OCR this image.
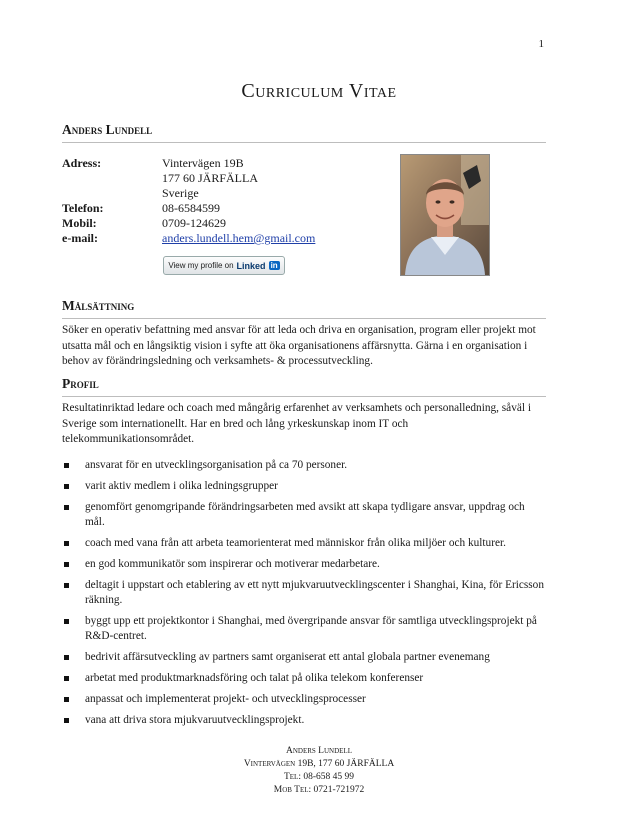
1
Curriculum Vitae
Anders Lundell
Adress:	Vintervägen 19B
177 60 JÄRFÄLLA
Sverige
Telefon:	08-6584599
Mobil:	0709-124629
e-mail:	anders.lundell.hem@gmail.com
View my profile on Linked in
Målsättning
Söker en operativ befattning med ansvar för att leda och driva en organisation, program eller projekt mot utsatta mål och en långsiktig vision i syfte att öka organisationens affärsnytta. Gärna i en organisation i behov av förändringsledning och verksamhets- & processutveckling.
Profil
Resultatinriktad ledare och coach med mångårig erfarenhet av verksamhets och personalledning, såväl i Sverige som internationellt. Har en bred och lång yrkeskunskap inom IT och telekommunikationsområdet.
ansvarat för en utvecklingsorganisation på ca 70 personer.
varit aktiv medlem i olika ledningsgrupper
genomfört genomgripande förändringsarbeten med avsikt att skapa tydligare ansvar, uppdrag och mål.
coach med vana från att arbeta teamorienterat med människor från olika miljöer och kulturer.
en god kommunikatör som inspirerar och motiverar medarbetare.
deltagit i uppstart och etablering av ett nytt mjukvaruutvecklingscenter i Shanghai, Kina, för Ericsson räkning.
byggt upp ett projektkontor i Shanghai, med övergripande ansvar för samtliga utvecklingsprojekt på R&D-centret.
bedrivit affärsutveckling av partners samt organiserat ett antal globala partner evenemang
arbetat med produktmarknadsföring och talat på olika telekom konferenser
anpassat och implementerat projekt- och utvecklingsprocesser
vana att driva stora mjukvaruutvecklingsprojekt.
Anders Lundell
Vintervägen 19B, 177 60 JÄRFÄLLA
Tel: 08-658 45 99
Mob Tel: 0721-721972
